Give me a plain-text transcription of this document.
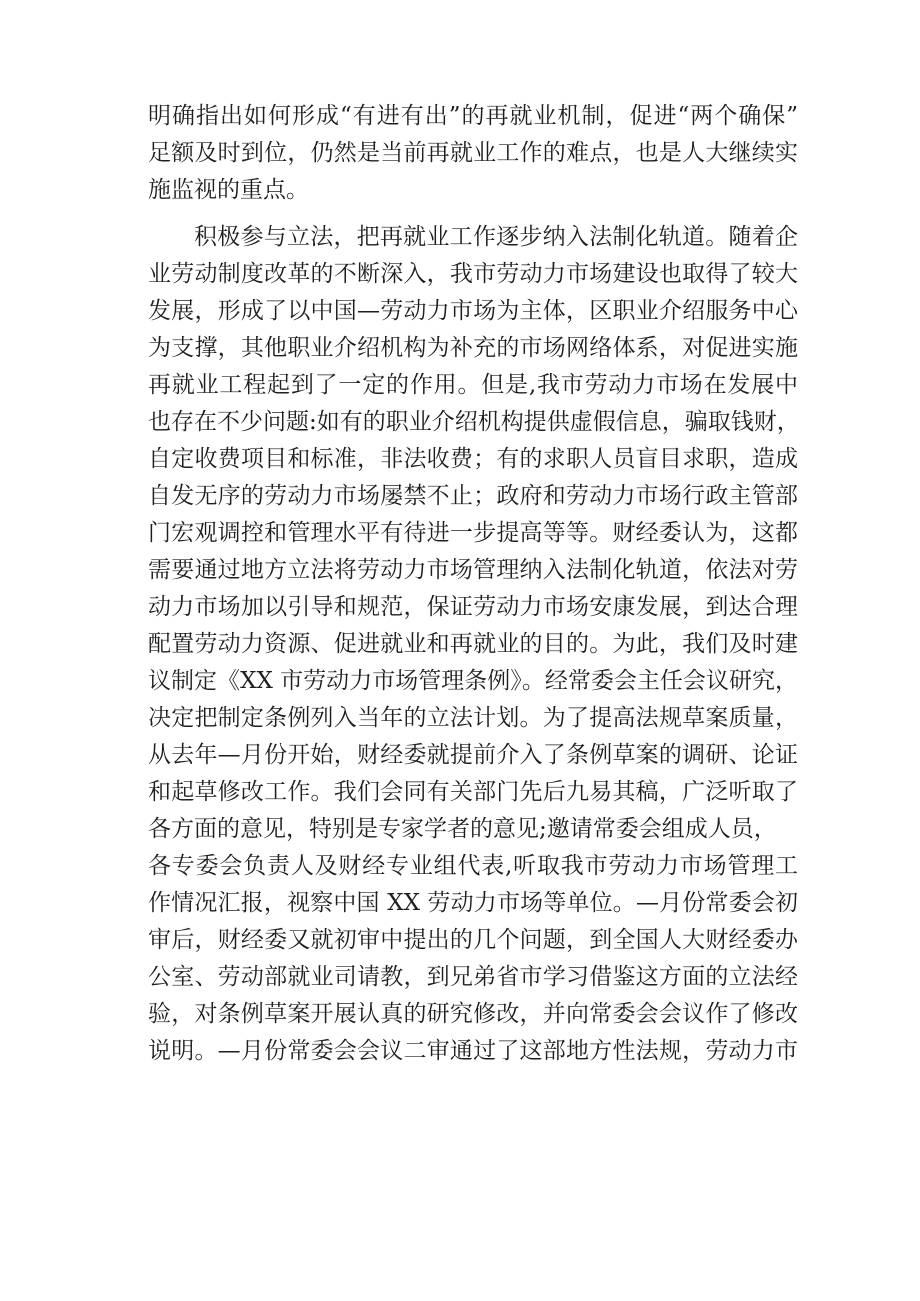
明确指出如何形成“有进有出”的再就业机制，促进“两个确保”
足额及时到位，仍然是当前再就业工作的难点，也是人大继续实
施监视的重点。

积极参与立法，把再就业工作逐步纳入法制化轨道。随着企
业劳动制度改革的不断深入，我市劳动力市场建设也取得了较大
发展，形成了以中国—劳动力市场为主体，区职业介绍服务中心
为支撑，其他职业介绍机构为补充的市场网络体系，对促进实施
再就业工程起到了一定的作用。但是,我市劳动力市场在发展中
也存在不少问题:如有的职业介绍机构提供虚假信息，骗取钱财，
自定收费项目和标准，非法收费；有的求职人员盲目求职，造成
自发无序的劳动力市场屡禁不止；政府和劳动力市场行政主管部
门宏观调控和管理水平有待进一步提高等等。财经委认为，这都
需要通过地方立法将劳动力市场管理纳入法制化轨道，依法对劳
动力市场加以引导和规范，保证劳动力市场安康发展，到达合理
配置劳动力资源、促进就业和再就业的目的。为此，我们及时建
议制定《XX 市劳动力市场管理条例》。经常委会主任会议研究，
决定把制定条例列入当年的立法计划。为了提高法规草案质量，
从去年—月份开始，财经委就提前介入了条例草案的调研、论证
和起草修改工作。我们会同有关部门先后九易其稿，广泛听取了
各方面的意见，特别是专家学者的意见;邀请常委会组成人员，
各专委会负责人及财经专业组代表,听取我市劳动力市场管理工
作情况汇报，视察中国 XX 劳动力市场等单位。—月份常委会初
审后，财经委又就初审中提出的几个问题，到全国人大财经委办
公室、劳动部就业司请教，到兄弟省市学习借鉴这方面的立法经
验，对条例草案开展认真的研究修改，并向常委会会议作了修改
说明。—月份常委会会议二审通过了这部地方性法规，劳动力市
